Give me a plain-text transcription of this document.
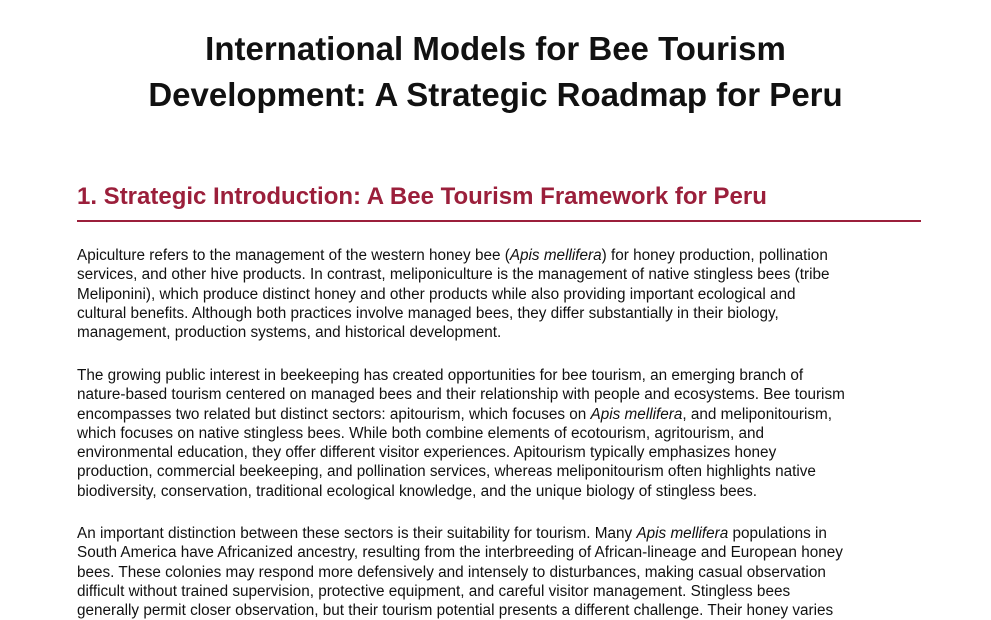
International Models for Bee Tourism
Development: A Strategic Roadmap for Peru
1. Strategic Introduction: A Bee Tourism Framework for Peru

Apiculture refers to the management of the western honey bee (Apis mellifera) for honey production, pollination
services, and other hive products. In contrast, meliponiculture is the management of native stingless bees (tribe
Meliponini), which produce distinct honey and other products while also providing important ecological and
cultural benefits. Although both practices involve managed bees, they differ substantially in their biology,
management, production systems, and historical development.

The growing public interest in beekeeping has created opportunities for bee tourism, an emerging branch of
nature-based tourism centered on managed bees and their relationship with people and ecosystems. Bee tourism
encompasses two related but distinct sectors: apitourism, which focuses on Apis mellifera, and meliponitourism,
which focuses on native stingless bees. While both combine elements of ecotourism, agritourism, and
environmental education, they offer different visitor experiences. Apitourism typically emphasizes honey
production, commercial beekeeping, and pollination services, whereas meliponitourism often highlights native
biodiversity, conservation, traditional ecological knowledge, and the unique biology of stingless bees.

An important distinction between these sectors is their suitability for tourism. Many Apis mellifera populations in
South America have Africanized ancestry, resulting from the interbreeding of African-lineage and European honey
bees. These colonies may respond more defensively and intensely to disturbances, making casual observation
difficult without trained supervision, protective equipment, and careful visitor management. Stingless bees
generally permit closer observation, but their tourism potential presents a different challenge. Their honey varies
